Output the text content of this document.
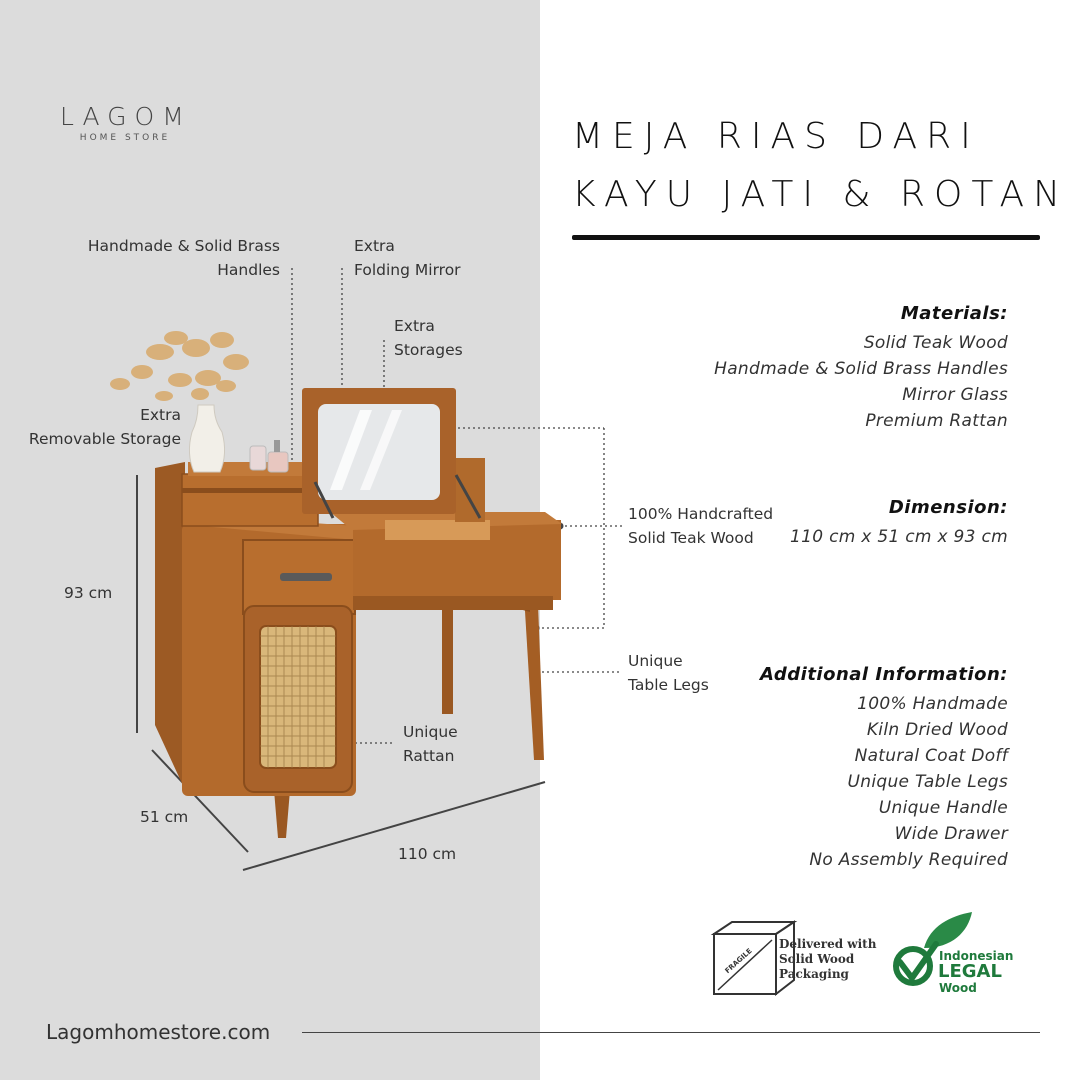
LAGOM
HOME STORE	MEJA RIAS DARI
KAYU JATI & ROTAN
Handmade & Solid Brass
Handles
Extra
Folding Mirror
Extra
Storages
Extra
Removable Storage
100% Handcrafted
Solid Teak Wood
Unique
Table Legs
Unique
Rattan
93 cm
51 cm
110 cm
Materials:
Solid Teak Wood
Handmade & Solid Brass Handles
Mirror Glass
Premium Rattan
Dimension:
110 cm x 51 cm x 93 cm
Additional Information:
100% Handmade
Kiln Dried Wood
Natural Coat Doff
Unique Table Legs
Unique Handle
Wide Drawer
No Assembly Required
Delivered with
Solid Wood
Packaging
FRAGILE	Indonesian
LEGAL
Wood
Lagomhomestore.com
